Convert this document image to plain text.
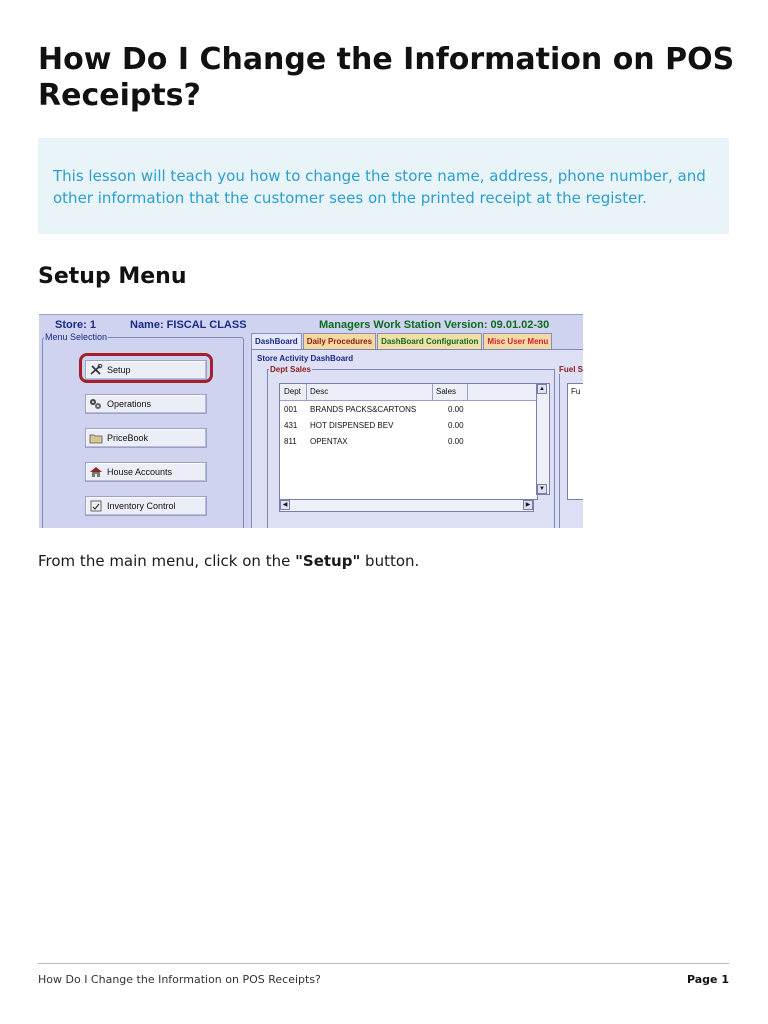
How Do I Change the Information on POS Receipts?
This lesson will teach you how to change the store name, address, phone number, and other information that the customer sees on the printed receipt at the register.
Setup Menu
Store: 1	Name: FISCAL CLASS	Managers Work Station Version: 09.01.02-30
Menu Selection
Setup
Operations
PriceBook
House Accounts
Inventory Control
DashBoard	Daily Procedures	DashBoard Configuration	Misc User Menu
Store Activity DashBoard
Dept Sales	Fuel S
Dept Desc	Sales
001 BRANDS PACKS&CARTONS	0.00
431 HOT DISPENSED BEV	0.00
811 OPENTAX	0.00
▲
▼
◀	▶
Fu
From the main menu, click on the "Setup" button.
How Do I Change the Information on POS Receipts?	Page 1
